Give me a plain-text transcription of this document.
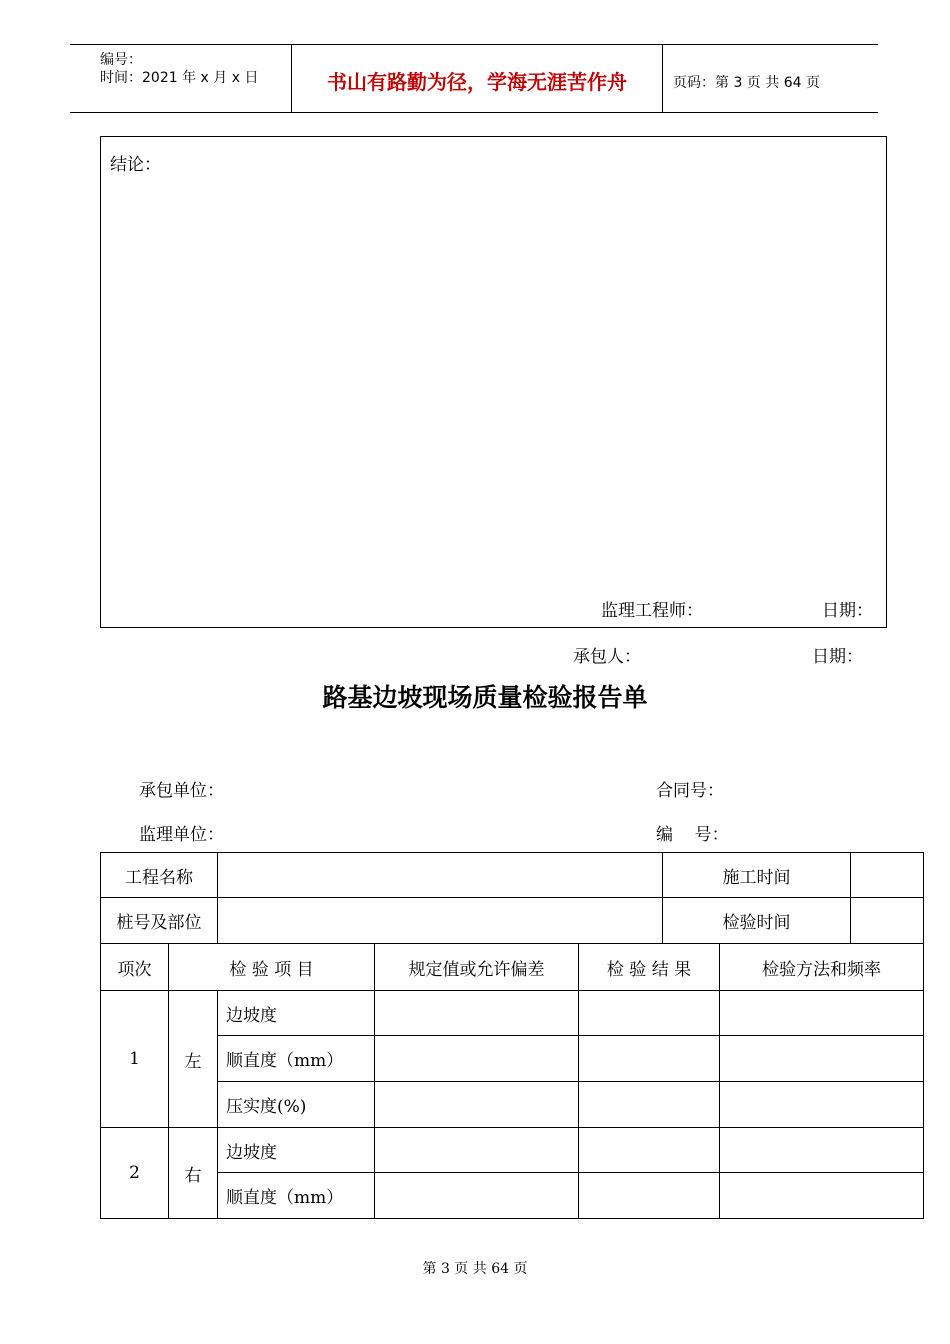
编号：
时间：2021 年 x 月 x 日	书山有路勤为径，学海无涯苦作舟	页码：第 3 页 共 64 页
结论：
监理工程师：	日期：
承包人：	日期：
路基边坡现场质量检验报告单
承包单位：	合同号：
监理单位：	编    号：
工程名称					施工时间		
桩号及部位					检验时间		
项次	检 验 项 目		规定值或允许偏差	检 验 结 果		检验方法和频率	
1	左	边坡度					
		顺直度（mm）					
		压实度(%)					
2	右	边坡度					
		顺直度（mm）					
第 3 页 共 64 页
